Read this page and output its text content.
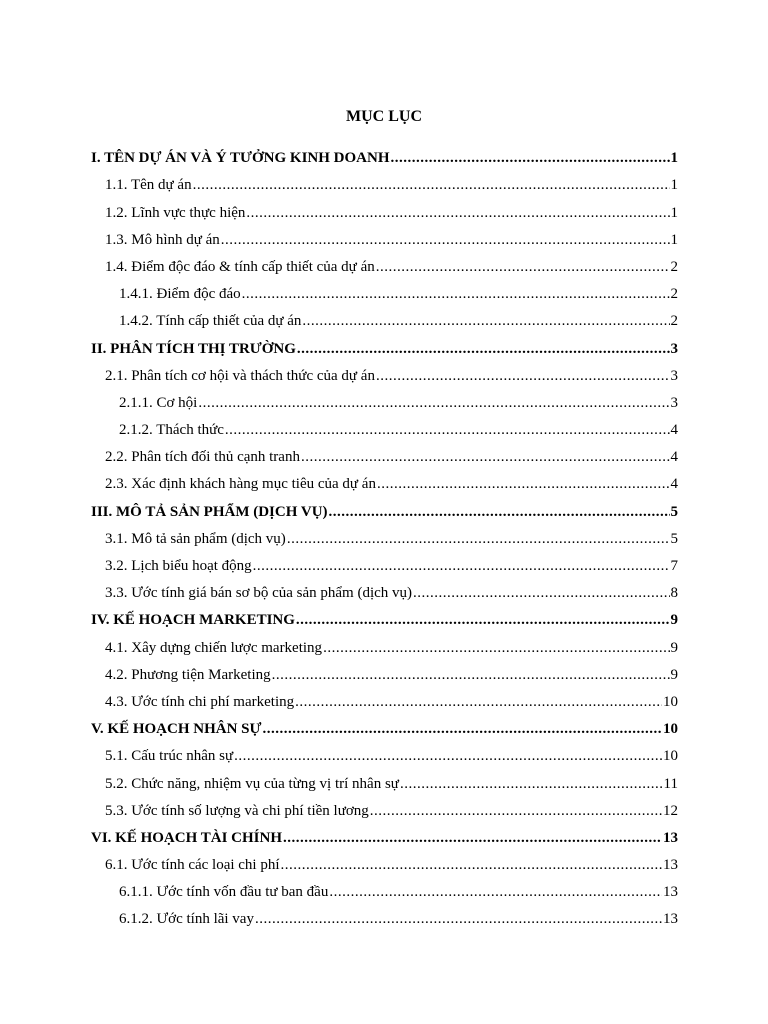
MỤC LỤC
I. TÊN DỰ ÁN VÀ Ý TƯỞNG KINH DOANH .....	1
1.1. Tên dự án .....	1
1.2. Lĩnh vực thực hiện .....	1
1.3. Mô hình dự án .....	1
1.4. Điểm độc đáo & tính cấp thiết của dự án .....	2
1.4.1. Điểm độc đáo .....	2
1.4.2. Tính cấp thiết của dự án .....	2
II. PHÂN TÍCH THỊ TRƯỜNG .....	3
2.1. Phân tích cơ hội và thách thức của dự án .....	3
2.1.1. Cơ hội .....	3
2.1.2. Thách thức .....	4
2.2. Phân tích đối thủ cạnh tranh .....	4
2.3. Xác định khách hàng mục tiêu của dự án .....	4
III. MÔ TẢ SẢN PHẨM (DỊCH VỤ) .....	5
3.1. Mô tả sản phẩm (dịch vụ) .....	5
3.2. Lịch biểu hoạt động .....	7
3.3. Ước tính giá bán sơ bộ của sản phẩm (dịch vụ) .....	8
IV. KẾ HOẠCH MARKETING .....	9
4.1. Xây dựng chiến lược marketing .....	9
4.2. Phương tiện Marketing .....	9
4.3. Ước tính chi phí marketing .....	10
V. KẾ HOẠCH NHÂN SỰ .....	10
5.1. Cấu trúc nhân sự .....	10
5.2. Chức năng, nhiệm vụ của từng vị trí nhân sự .....	11
5.3. Ước tính số lượng và chi phí tiền lương .....	12
VI. KẾ HOẠCH TÀI CHÍNH .....	13
6.1. Ước tính các loại chi phí .....	13
6.1.1. Ước tính vốn đầu tư ban đầu .....	13
6.1.2. Ước tính lãi vay .....	13
